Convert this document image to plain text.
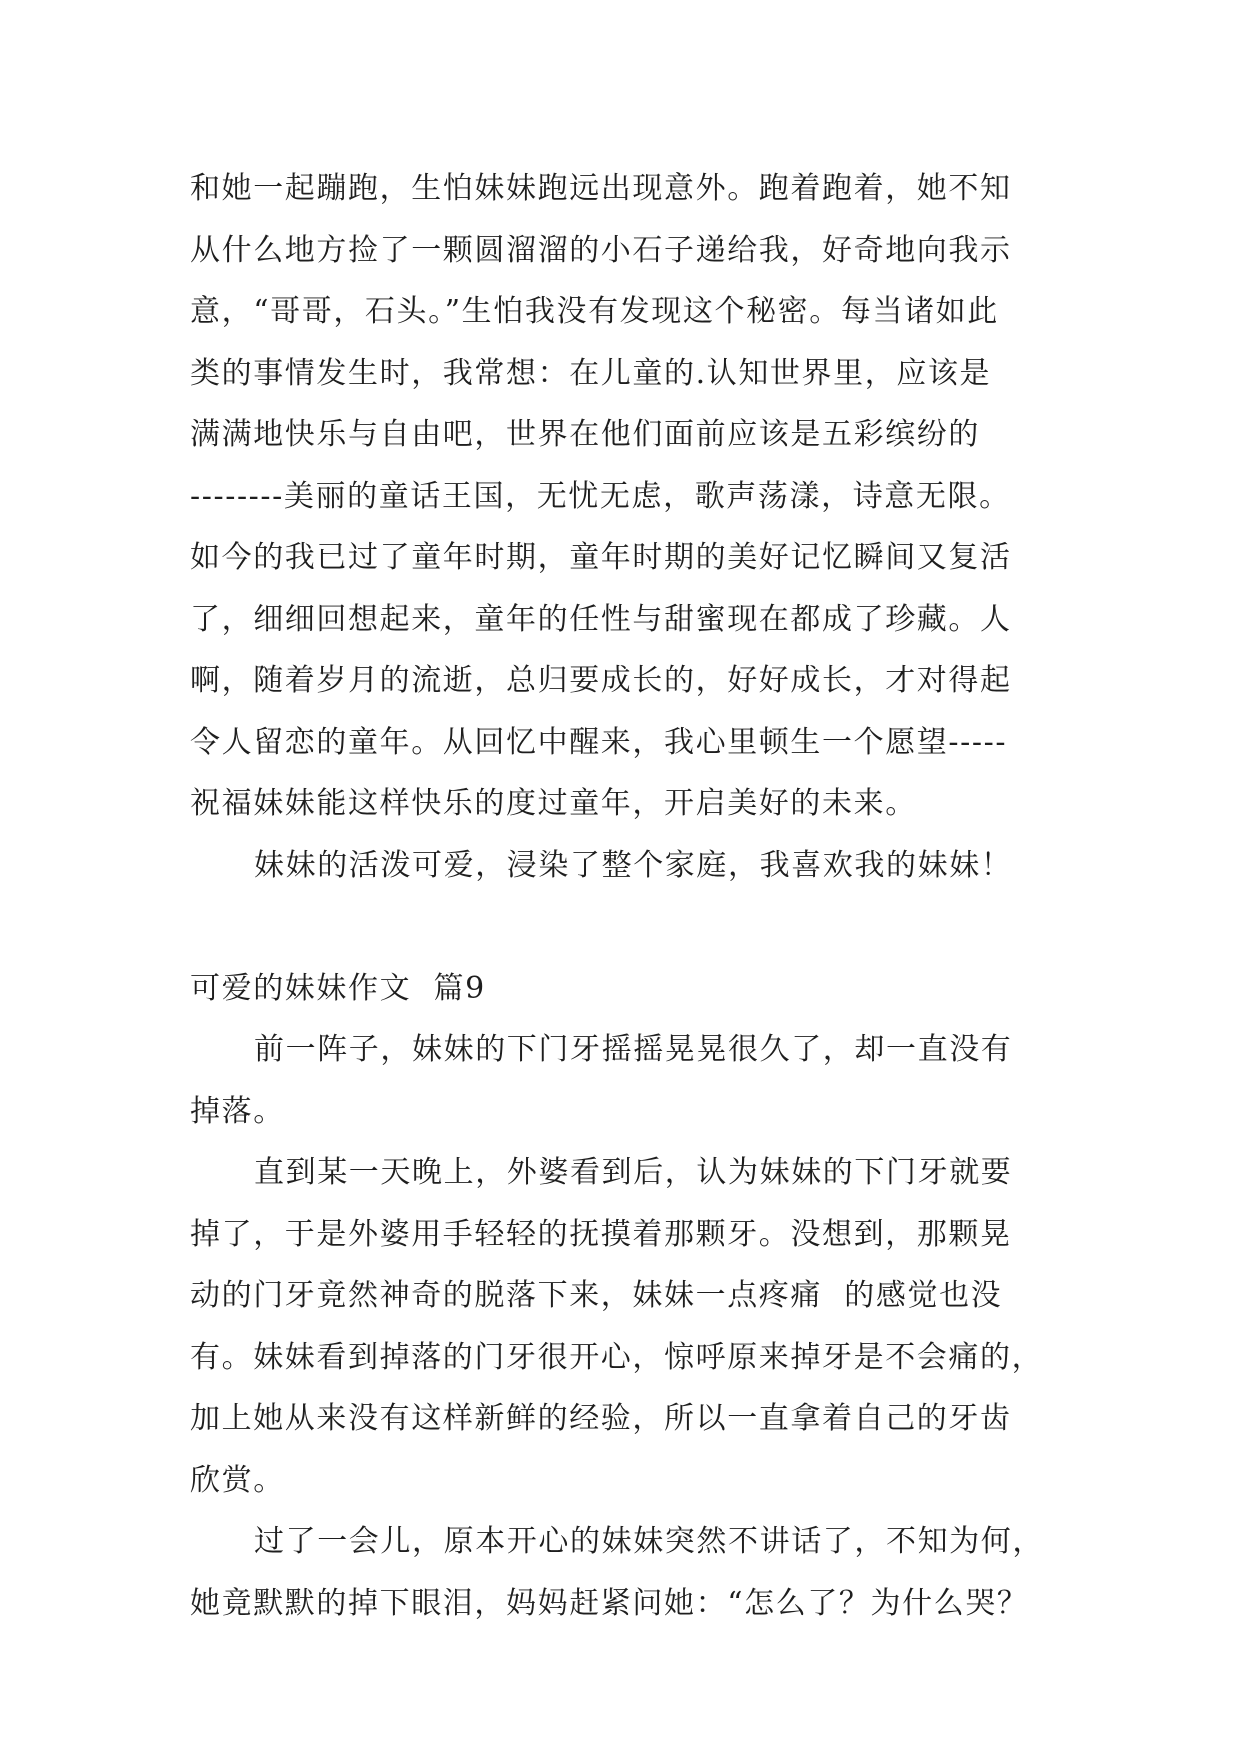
和她一起蹦跑，生怕妹妹跑远出现意外。跑着跑着，她不知

从什么地方捡了一颗圆溜溜的小石子递给我，好奇地向我示

意，“哥哥，石头。”生怕我没有发现这个秘密。每当诸如此

类的事情发生时，我常想：在儿童的.认知世界里，应该是

满满地快乐与自由吧，世界在他们面前应该是五彩缤纷的

--------美丽的童话王国，无忧无虑，歌声荡漾，诗意无限。

如今的我已过了童年时期，童年时期的美好记忆瞬间又复活

了，细细回想起来，童年的任性与甜蜜现在都成了珍藏。人

啊，随着岁月的流逝，总归要成长的，好好成长，才对得起

令人留恋的童年。从回忆中醒来，我心里顿生一个愿望-----

祝福妹妹能这样快乐的度过童年，开启美好的未来。

妹妹的活泼可爱，浸染了整个家庭，我喜欢我的妹妹！

可爱的妹妹作文  篇9

前一阵子，妹妹的下门牙摇摇晃晃很久了，却一直没有

掉落。

直到某一天晚上，外婆看到后，认为妹妹的下门牙就要

掉了，于是外婆用手轻轻的抚摸着那颗牙。没想到，那颗晃

动的门牙竟然神奇的脱落下来，妹妹一点疼痛  的感觉也没

有。妹妹看到掉落的门牙很开心，惊呼原来掉牙是不会痛的，

加上她从来没有这样新鲜的经验，所以一直拿着自己的牙齿

欣赏。

过了一会儿，原本开心的妹妹突然不讲话了，不知为何，

她竟默默的掉下眼泪，妈妈赶紧问她：“怎么了？为什么哭？
